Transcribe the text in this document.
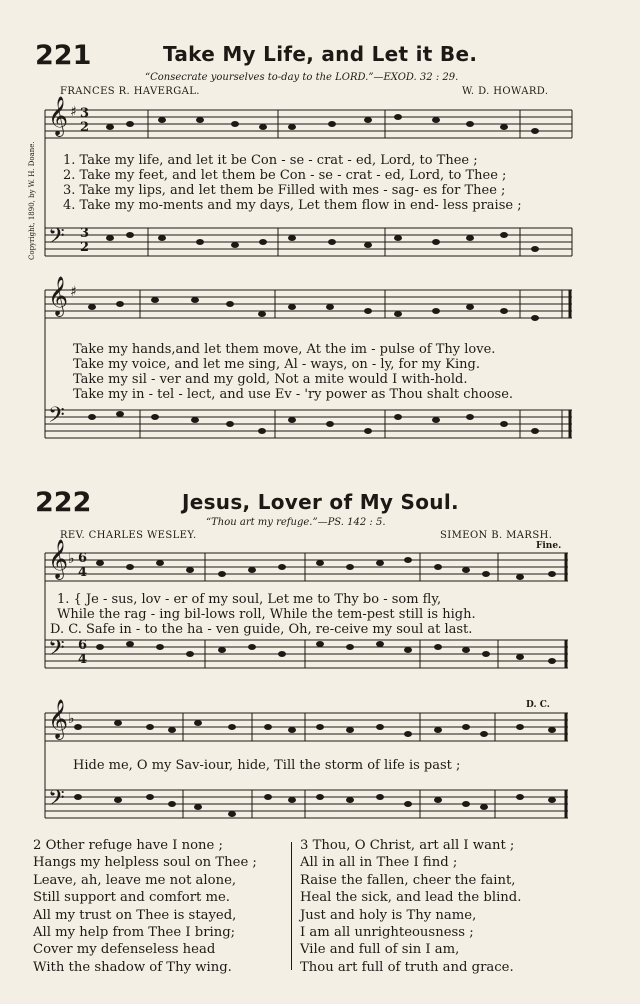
221	Take My Life, and Let it Be.
“Consecrate yourselves to-day to the LORD.”—EXOD. 32 : 29.
FRANCES R. HAVERGAL.	W. D. HOWARD.
Copyright, 1890, by W. H. Doane.
𝄞 ♯ 3
2
𝄢 3
2
1. Take my life, and let it be Con - se - crat - ed, Lord, to Thee ;
2. Take my feet, and let them be Con - se - crat - ed, Lord, to Thee ;
3. Take my lips, and let them be Filled with mes - sag- es for Thee ;
4. Take my mo-ments and my days, Let them flow in end- less praise ;
𝄞 ♯
𝄢
Take my hands,and let them move, At the im - pulse of Thy love.
Take my voice, and let me sing, Al - ways, on - ly, for my King.
Take my sil - ver and my gold, Not a mite would I with-hold.
Take my in - tel - lect, and use Ev - 'ry power as Thou shalt choose.
222	Jesus, Lover of My Soul.
“Thou art my refuge.”—PS. 142 : 5.
REV. CHARLES WESLEY.	SIMEON B. MARSH.
Fine.
𝄞 ♭ 6
4
𝄢 6
4
1. { Je - sus, lov - er of my soul, Let me to Thy bo - som fly,
While the rag - ing bil-lows roll, While the tem-pest still is high.
D. C. Safe in - to the ha - ven guide, Oh, re-ceive my soul at last.
𝄞 ♭
𝄢
D. C.
Hide me, O my Sav-iour, hide, Till the storm of life is past ;
2 Other refuge have I none ;
Hangs my helpless soul on Thee ;
Leave, ah, leave me not alone,
Still support and comfort me.
All my trust on Thee is stayed,
All my help from Thee I bring;
Cover my defenseless head
With the shadow of Thy wing.
3 Thou, O Christ, art all I want ;
All in all in Thee I find ;
Raise the fallen, cheer the faint,
Heal the sick, and lead the blind.
Just and holy is Thy name,
I am all unrighteousness ;
Vile and full of sin I am,
Thou art full of truth and grace.
